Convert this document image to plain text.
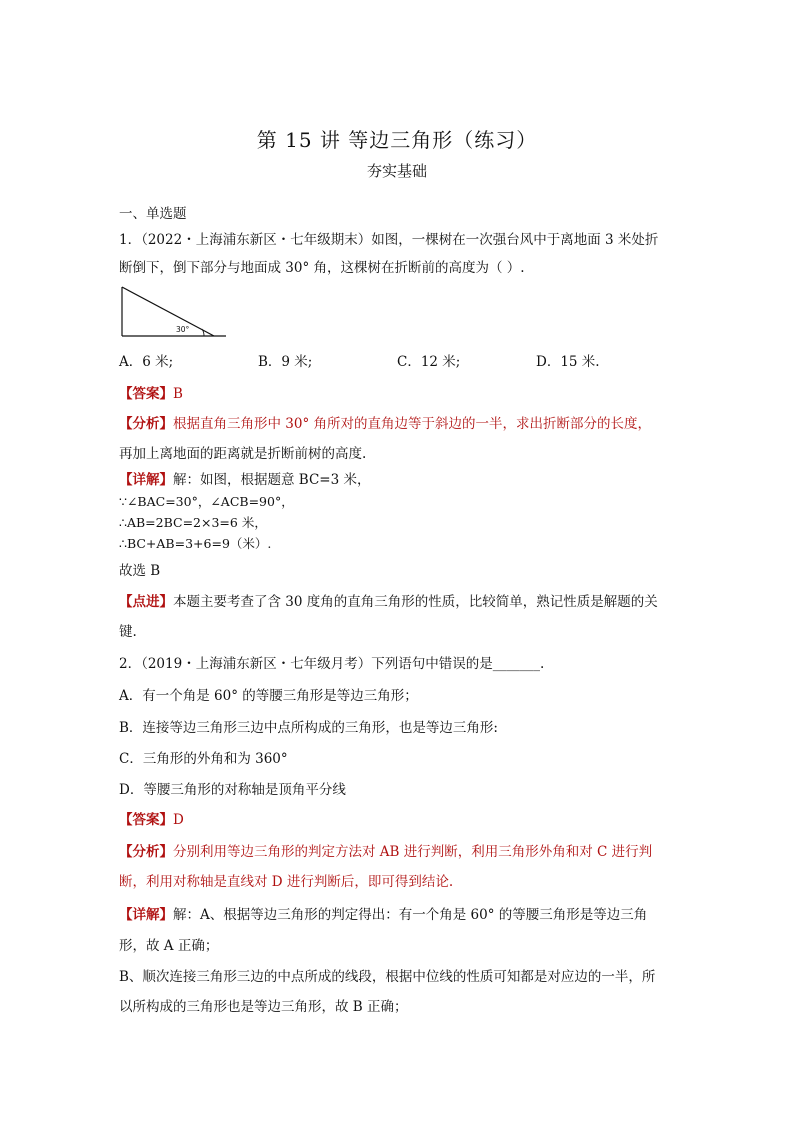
第 15 讲 等边三角形（练习）
夯实基础
一、单选题
1．（2022・上海浦东新区・七年级期末）如图，一棵树在一次强台风中于离地面 3 米处折
断倒下，倒下部分与地面成 30° 角，这棵树在折断前的高度为（ ）.
30°
A．6 米;	B．9 米;	C．12 米;	D．15 米.
【答案】B
【分析】根据直角三角形中 30° 角所对的直角边等于斜边的一半，求出折断部分的长度，
再加上离地面的距离就是折断前树的高度.
【详解】解：如图，根据题意 BC=3 米，
∵∠BAC=30°，∠ACB=90°，
∴AB=2BC=2×3=6 米，
∴BC+AB=3+6=9（米）.
故选 B
【点进】本题主要考查了含 30 度角的直角三角形的性质，比较简单，熟记性质是解题的关
键.
2．（2019・上海浦东新区・七年级月考）下列语句中错误的是_______.
A．有一个角是 60° 的等腰三角形是等边三角形；
B．连接等边三角形三边中点所构成的三角形，也是等边三角形:
C．三角形的外角和为 360°
D．等腰三角形的对称轴是顶角平分线
【答案】D
【分析】分别利用等边三角形的判定方法对 AB 进行判断，利用三角形外角和对 C 进行判
断，利用对称轴是直线对 D 进行判断后，即可得到结论.
【详解】解：A、根据等边三角形的判定得出：有一个角是 60° 的等腰三角形是等边三角
形，故 A 正确；
B、顺次连接三角形三边的中点所成的线段，根据中位线的性质可知都是对应边的一半，所
以所构成的三角形也是等边三角形，故 B 正确；
